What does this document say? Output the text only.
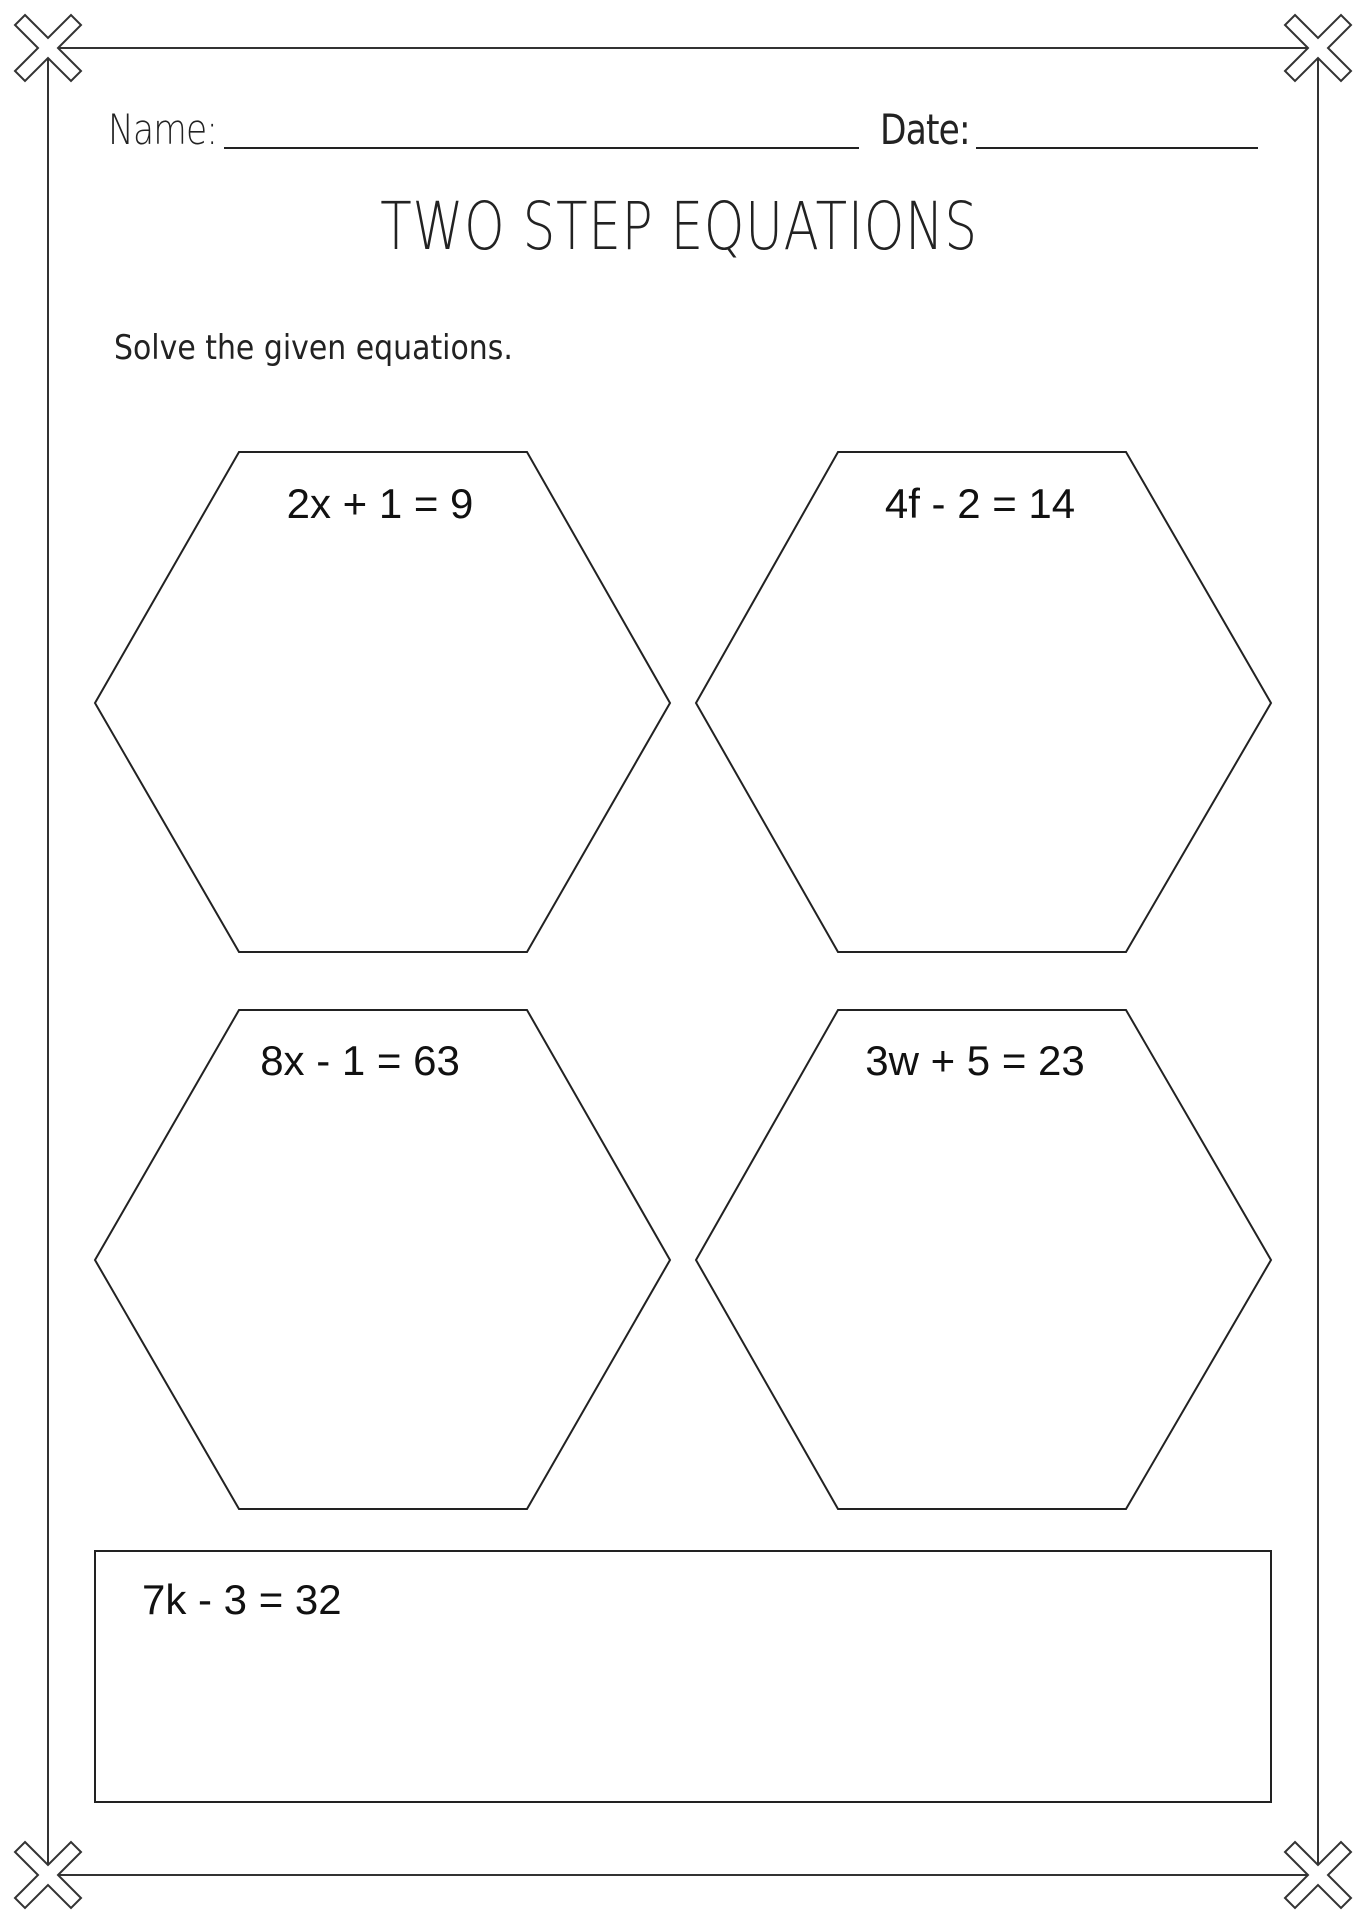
Name:	Date:
TWO STEP EQUATIONS
Solve the given equations.
2x + 1 = 9	4f - 2 = 14
8x - 1 = 63	3w + 5 = 23
7k - 3 = 32
